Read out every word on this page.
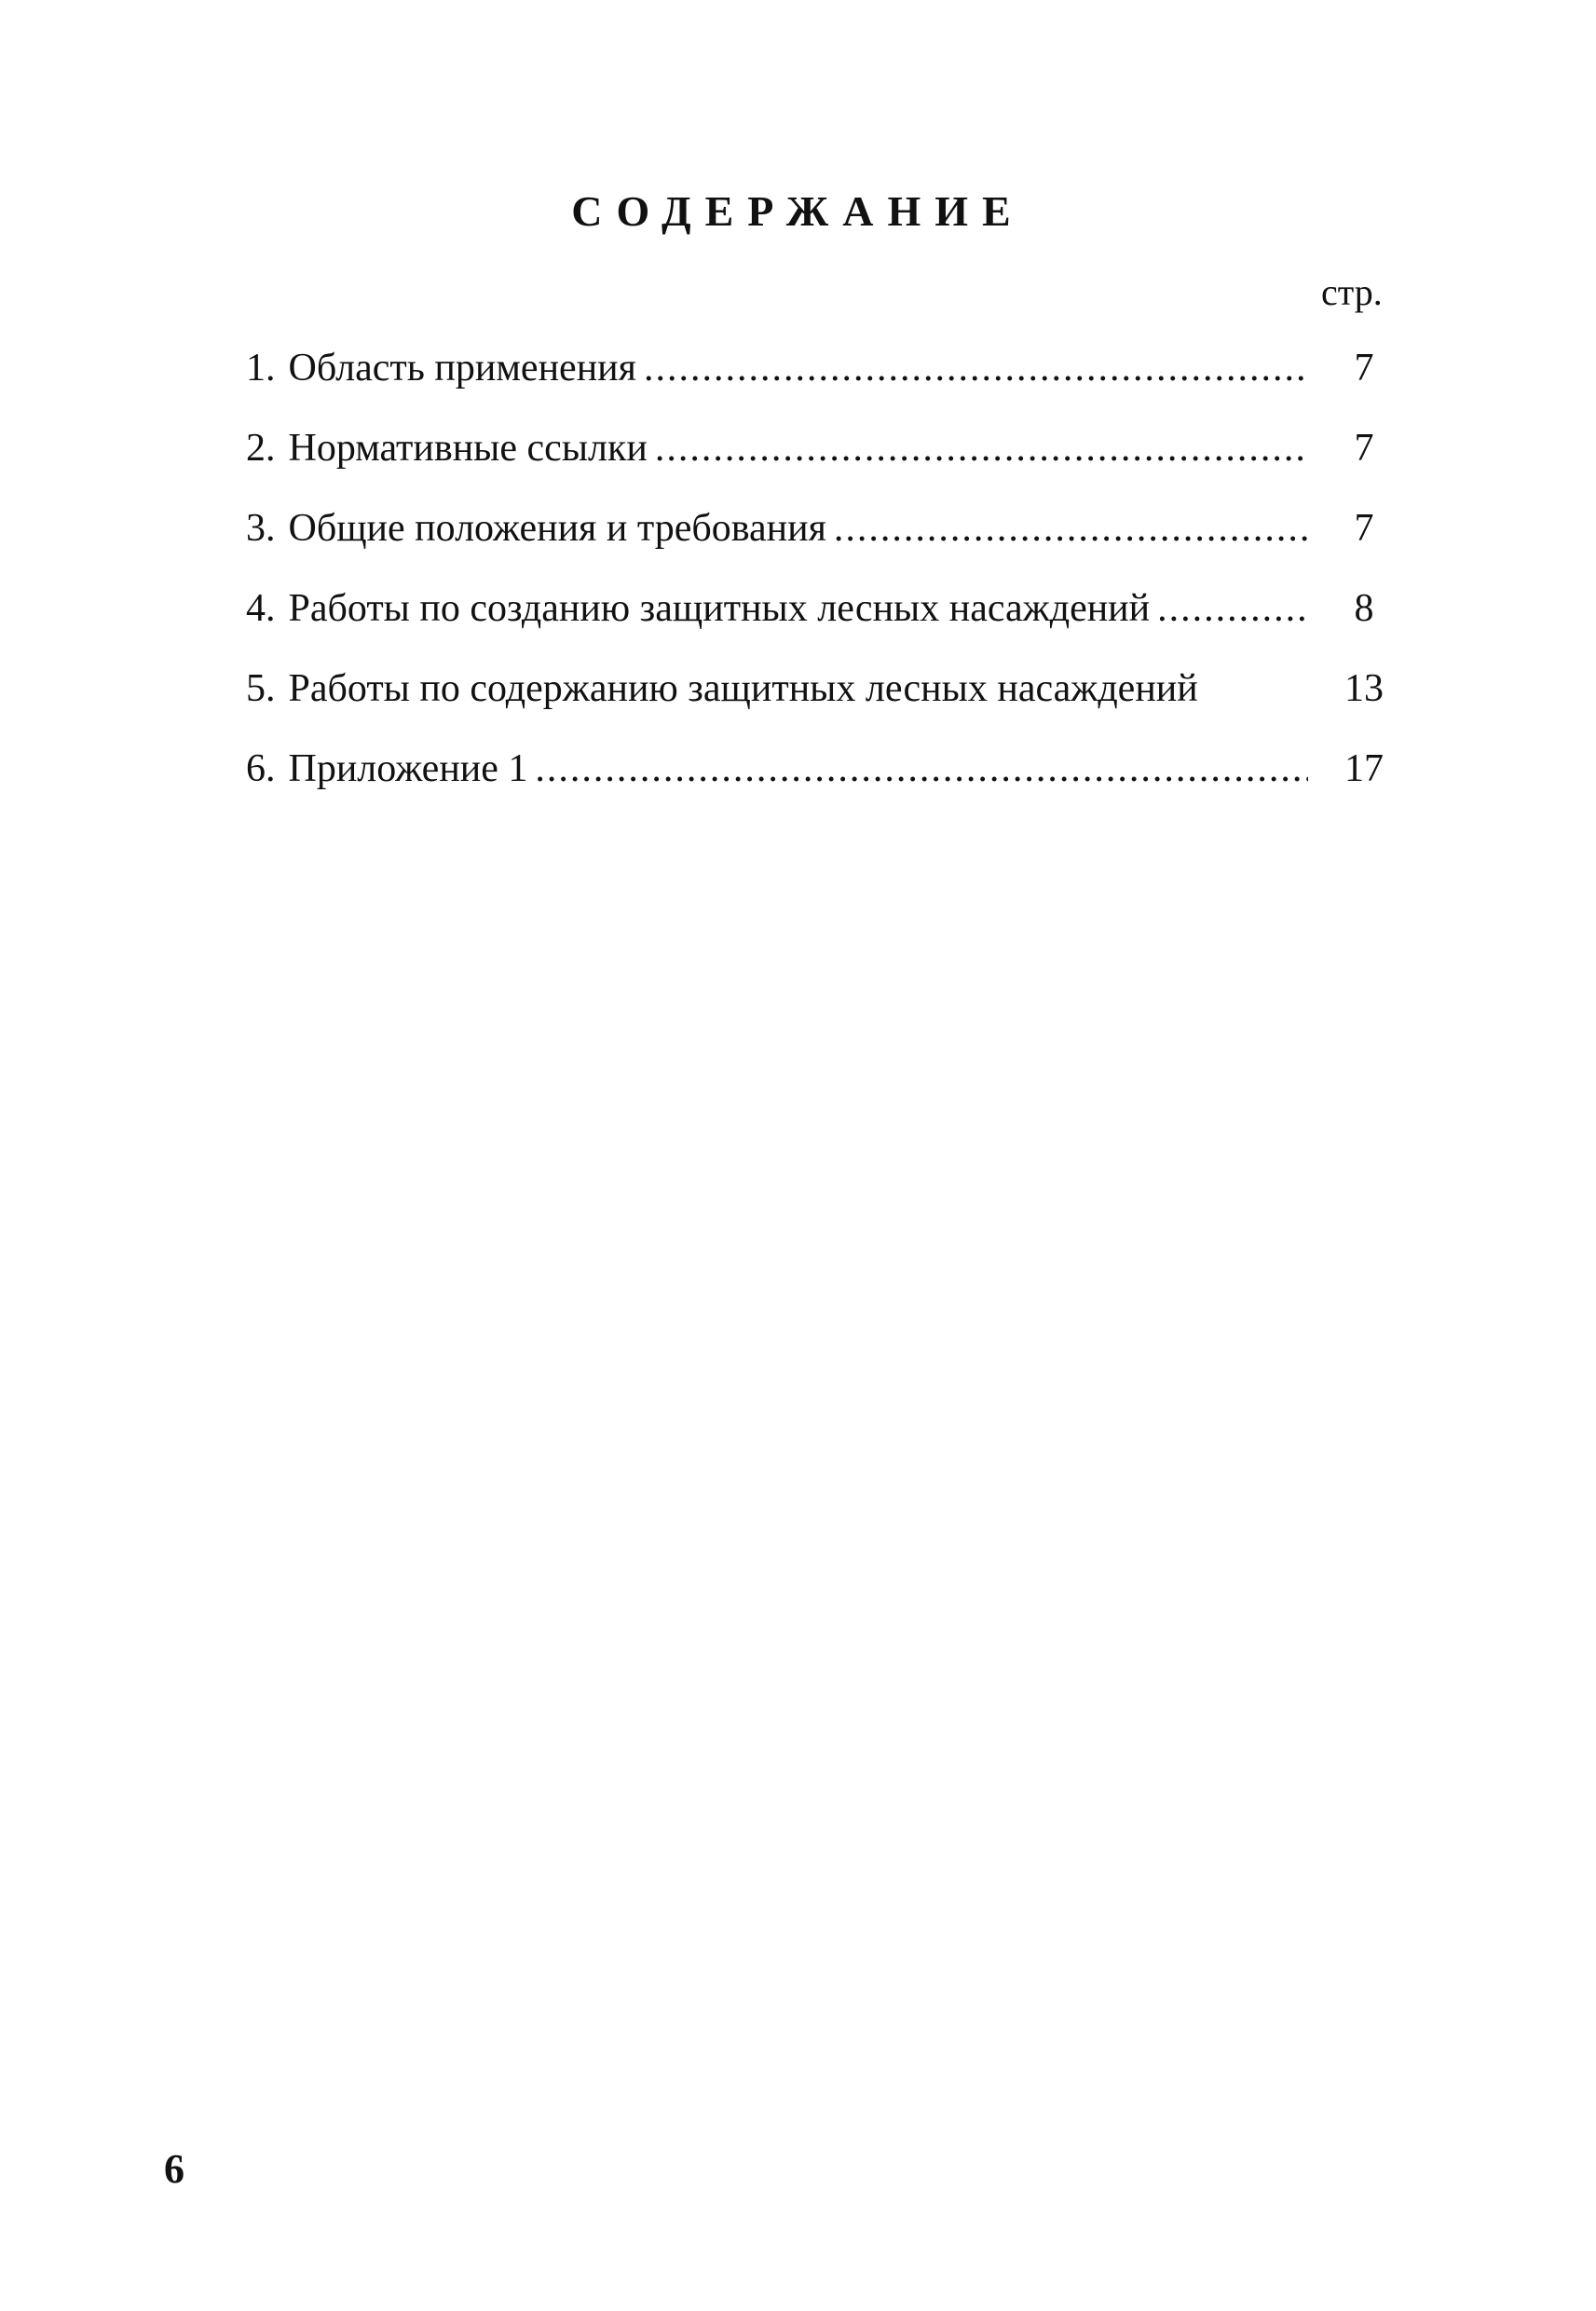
СОДЕРЖАНИЕ
стр.
1. Область применения .....	7
2. Нормативные ссылки .....	7
3. Общие положения и требования .....	7
4. Работы по созданию защитных лесных насаждений .....	8
5. Работы по содержанию защитных лесных насаждений	13
6. Приложение 1 .....	17
6
